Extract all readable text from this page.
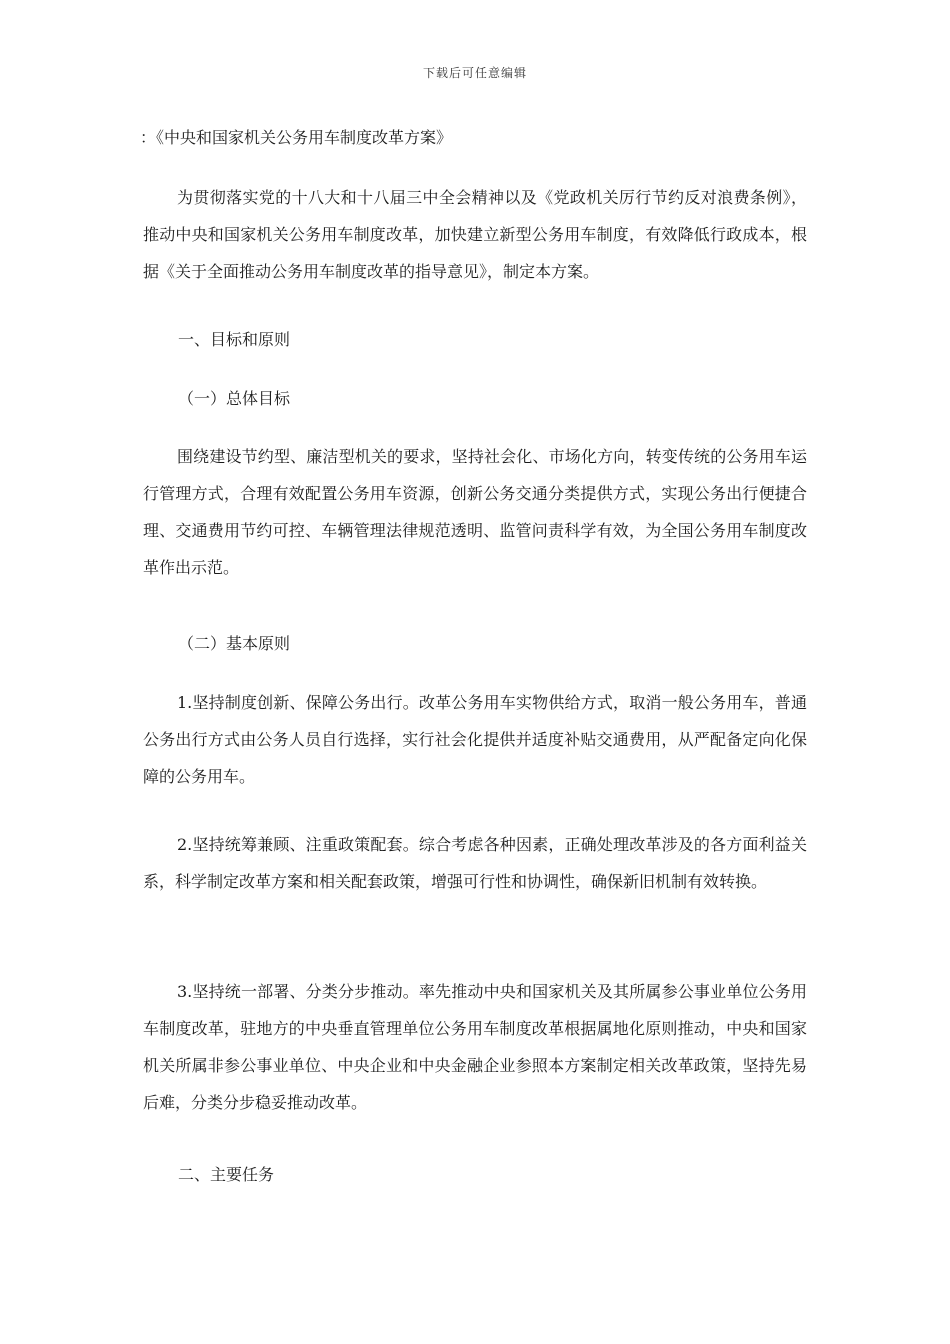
下载后可任意编辑
：《中央和国家机关公务用车制度改革方案》

为贯彻落实党的十八大和十八届三中全会精神以及《党政机关厉行节约反对浪费条例》，推动中央和国家机关公务用车制度改革，加快建立新型公务用车制度，有效降低行政成本，根据《关于全面推动公务用车制度改革的指导意见》，制定本方案。

一、目标和原则
（一）总体目标

围绕建设节约型、廉洁型机关的要求，坚持社会化、市场化方向，转变传统的公务用车运行管理方式，合理有效配置公务用车资源，创新公务交通分类提供方式，实现公务出行便捷合理、交通费用节约可控、车辆管理法律规范透明、监管问责科学有效，为全国公务用车制度改革作出示范。

（二）基本原则

1.坚持制度创新、保障公务出行。改革公务用车实物供给方式，取消一般公务用车，普通公务出行方式由公务人员自行选择，实行社会化提供并适度补贴交通费用，从严配备定向化保障的公务用车。

2.坚持统筹兼顾、注重政策配套。综合考虑各种因素，正确处理改革涉及的各方面利益关系，科学制定改革方案和相关配套政策，增强可行性和协调性，确保新旧机制有效转换。

3.坚持统一部署、分类分步推动。率先推动中央和国家机关及其所属参公事业单位公务用车制度改革，驻地方的中央垂直管理单位公务用车制度改革根据属地化原则推动，中央和国家机关所属非参公事业单位、中央企业和中央金融企业参照本方案制定相关改革政策，坚持先易后难，分类分步稳妥推动改革。

二、主要任务
